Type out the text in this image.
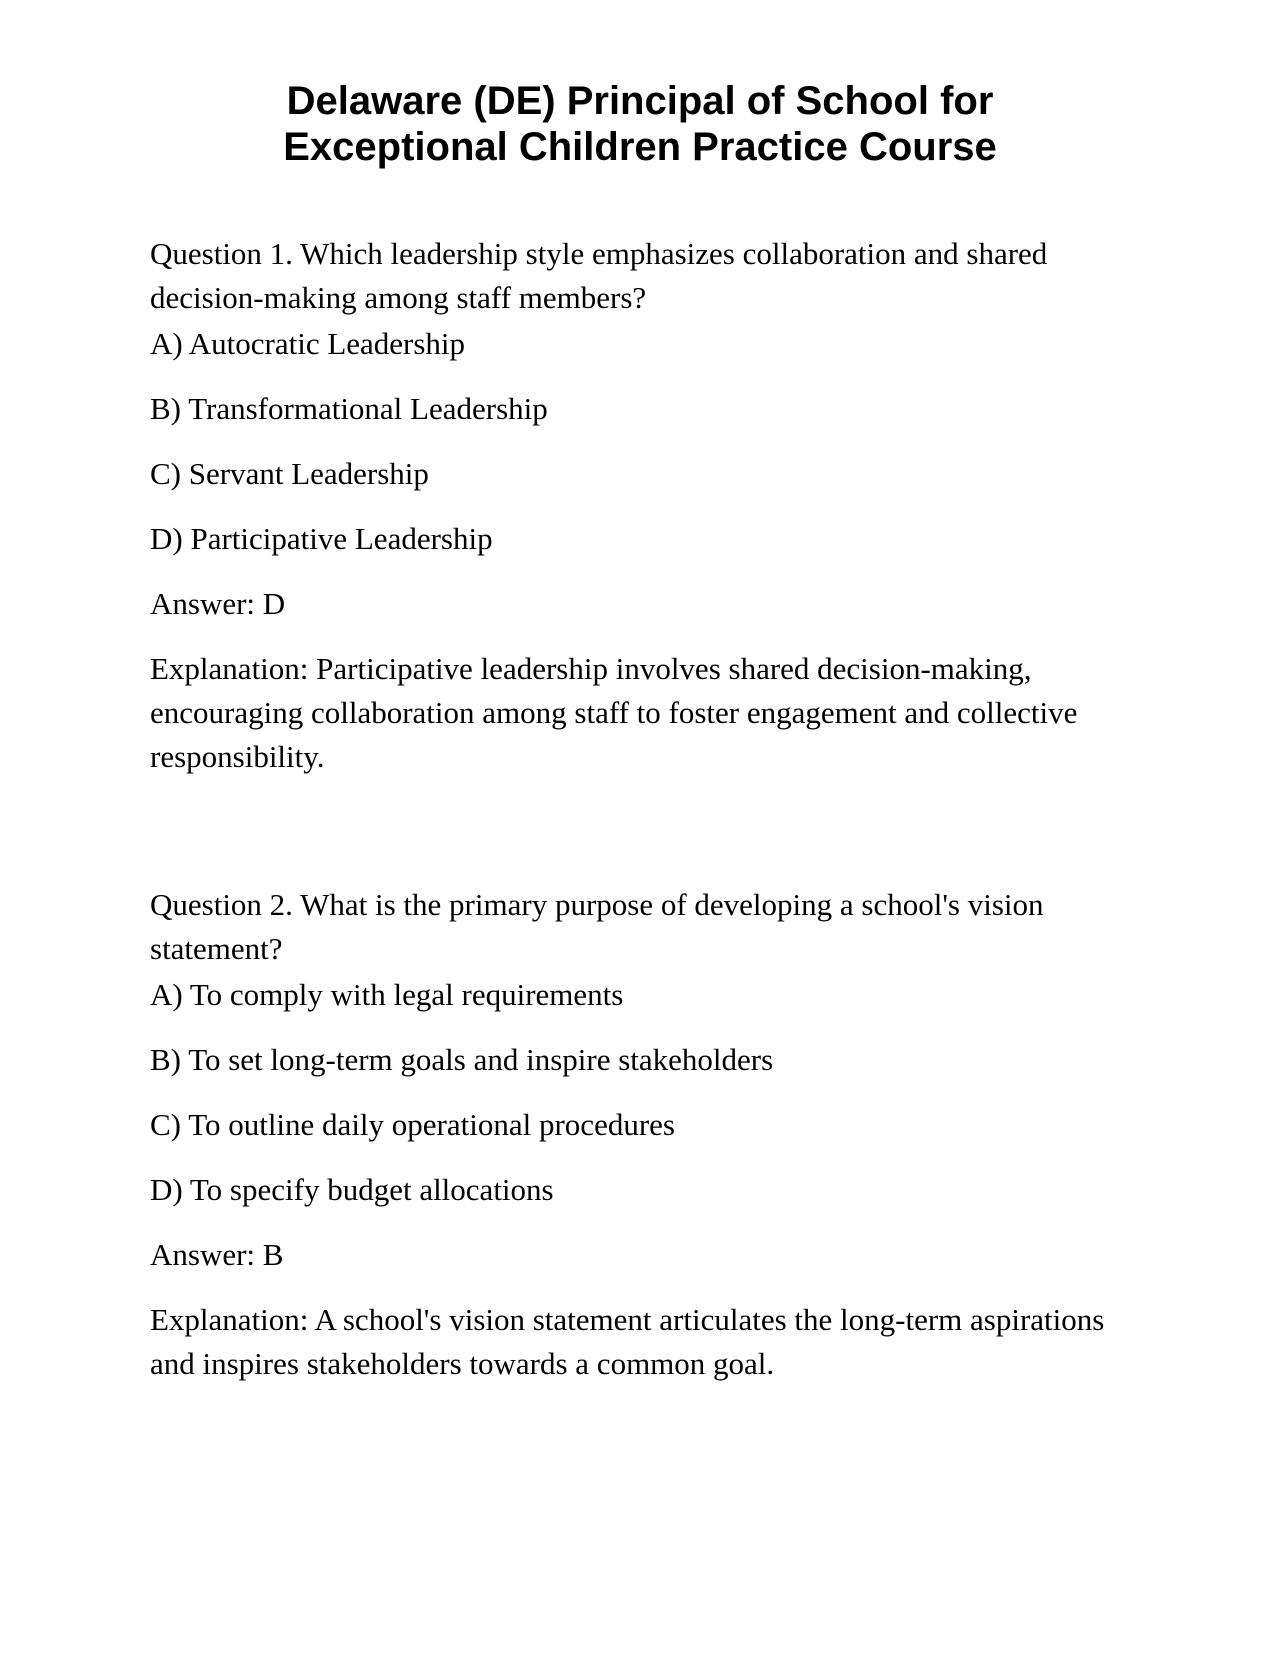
Delaware (DE) Principal of School for
Exceptional Children Practice Course

Question 1. Which leadership style emphasizes collaboration and shared decision-making among staff members?

A) Autocratic Leadership

B) Transformational Leadership

C) Servant Leadership

D) Participative Leadership

Answer: D

Explanation: Participative leadership involves shared decision-making, encouraging collaboration among staff to foster engagement and collective responsibility.

Question 2. What is the primary purpose of developing a school's vision statement?

A) To comply with legal requirements

B) To set long-term goals and inspire stakeholders

C) To outline daily operational procedures

D) To specify budget allocations

Answer: B

Explanation: A school's vision statement articulates the long-term aspirations and inspires stakeholders towards a common goal.
